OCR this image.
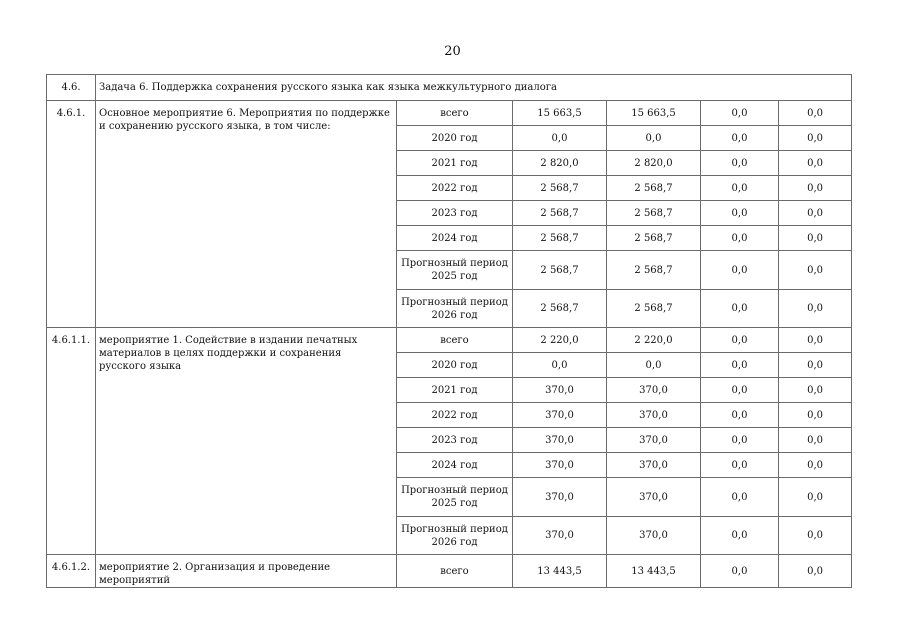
20
4.6.	Задача 6. Поддержка сохранения русского языка как языка межкультурного диалога					
4.6.1.	Основное мероприятие 6. Мероприятия по поддержке и сохранению русского языка, в том числе:	всего	15 663,5	15 663,5	0,0	0,0
		2020 год	0,0	0,0	0,0	0,0
		2021 год	2 820,0	2 820,0	0,0	0,0
		2022 год	2 568,7	2 568,7	0,0	0,0
		2023 год	2 568,7	2 568,7	0,0	0,0
		2024 год	2 568,7	2 568,7	0,0	0,0
		Прогнозный период 2025 год	2 568,7	2 568,7	0,0	0,0
		Прогнозный период 2026 год	2 568,7	2 568,7	0,0	0,0
4.6.1.1.	мероприятие 1. Содействие в издании печатных материалов в целях поддержки и сохранения русского языка	всего	2 220,0	2 220,0	0,0	0,0
		2020 год	0,0	0,0	0,0	0,0
		2021 год	370,0	370,0	0,0	0,0
		2022 год	370,0	370,0	0,0	0,0
		2023 год	370,0	370,0	0,0	0,0
		2024 год	370,0	370,0	0,0	0,0
		Прогнозный период 2025 год	370,0	370,0	0,0	0,0
		Прогнозный период 2026 год	370,0	370,0	0,0	0,0
4.6.1.2.	мероприятие 2. Организация и проведение мероприятий	всего	13 443,5	13 443,5	0,0	0,0
